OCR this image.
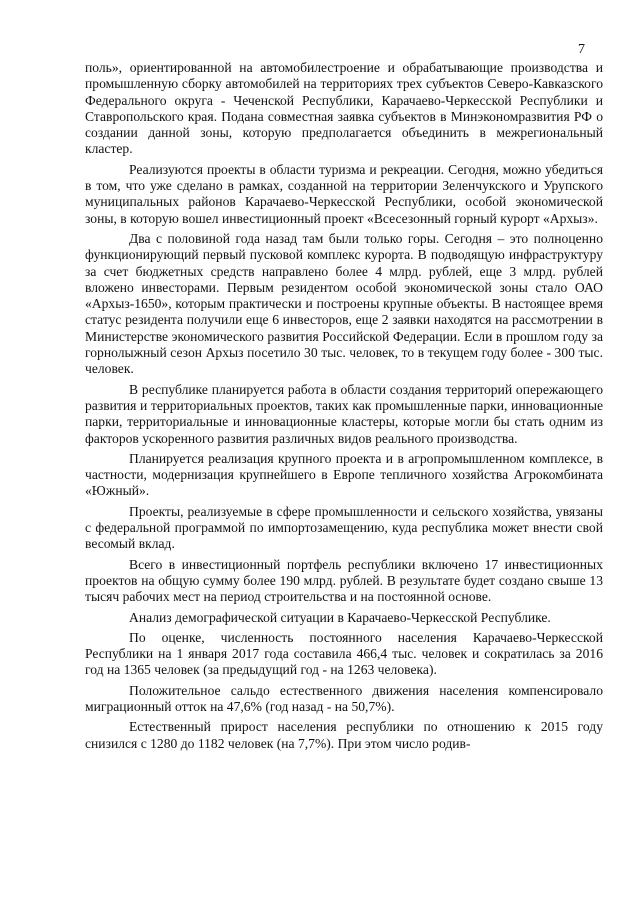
7

поль», ориентированной на автомобилестроение и обрабатывающие производства и промышленную сборку автомобилей на территориях трех субъектов Северо-Кавказского Федерального округа - Чеченской Республики, Карачаево-Черкесской Республики и Ставропольского края. Подана совместная заявка субъектов в Минэкономразвития РФ о создании данной зоны, которую предполагается объединить в межрегиональный кластер.

Реализуются проекты в области туризма и рекреации. Сегодня, можно убедиться в том, что уже сделано в рамках, созданной на территории Зеленчукского и Урупского муниципальных районов Карачаево-Черкесской Республики, особой экономической зоны, в которую вошел инвестиционный проект «Всесезонный горный курорт «Архыз».

Два с половиной года назад там были только горы. Сегодня – это полноценно функционирующий первый пусковой комплекс курорта. В подводящую инфраструктуру за счет бюджетных средств направлено более 4 млрд. рублей, еще 3 млрд. рублей вложено инвесторами. Первым резидентом особой экономической зоны стало ОАО «Архыз-1650», которым практически и построены крупные объекты. В настоящее время статус резидента получили еще 6 инвесторов, еще 2 заявки находятся на рассмотрении в Министерстве экономического развития Российской Федерации. Если в прошлом году за горнолыжный сезон Архыз посетило 30 тыс. человек, то в текущем году более - 300 тыс. человек.

В республике планируется работа в области создания территорий опережающего развития и территориальных проектов, таких как промышленные парки, инновационные парки, территориальные и инновационные кластеры, которые могли бы стать одним из факторов ускоренного развития различных видов реального производства.

Планируется реализация крупного проекта и в агропромышленном комплексе, в частности, модернизация крупнейшего в Европе тепличного хозяйства Агрокомбината «Южный».

Проекты, реализуемые в сфере промышленности и сельского хозяйства, увязаны с федеральной программой по импортозамещению, куда республика может внести свой весомый вклад.

Всего в инвестиционный портфель республики включено 17 инвестиционных проектов на общую сумму более 190 млрд. рублей. В результате будет создано свыше 13 тысяч рабочих мест на период строительства и на постоянной основе.

Анализ демографической ситуации в Карачаево-Черкесской Республике.

По оценке, численность постоянного населения Карачаево-Черкесской Республики на 1 января 2017 года составила 466,4 тыс. человек и сократилась за 2016 год на 1365 человек (за предыдущий год - на 1263 человека).

Положительное сальдо естественного движения населения компенсировало миграционный отток на 47,6% (год назад - на 50,7%).

Естественный прирост населения республики по отношению к 2015 году снизился с 1280 до 1182 человек (на 7,7%). При этом число родив-
